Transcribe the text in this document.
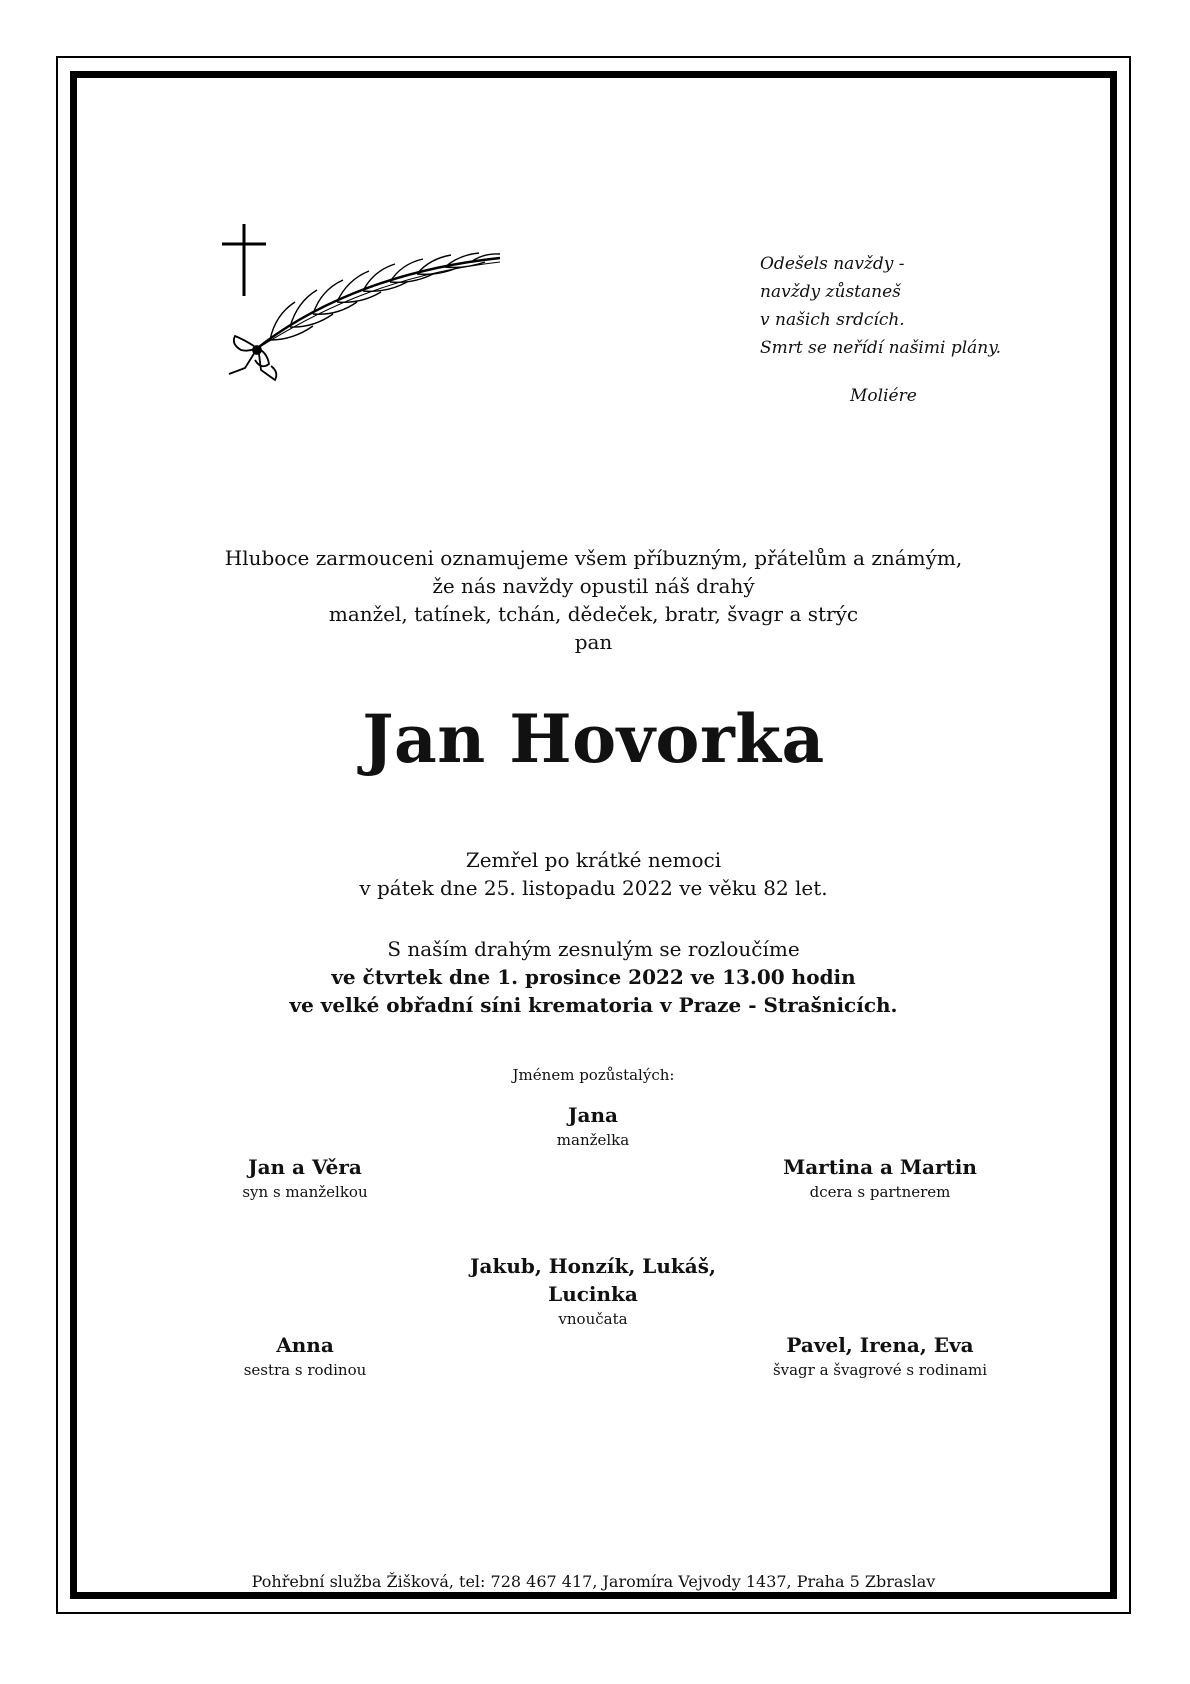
Odešels navždy -
navždy zůstaneš
v našich srdcích.
Smrt se neřídí našimi plány.
Moliére
Hluboce zarmouceni oznamujeme všem příbuzným, přátelům a známým,
že nás navždy opustil náš drahý
manžel, tatínek, tchán, dědeček, bratr, švagr a strýc
pan
Jan Hovorka
Zemřel po krátké nemoci
v pátek dne 25. listopadu 2022 ve věku 82 let.
S naším drahým zesnulým se rozloučíme
ve čtvrtek dne 1. prosince 2022 ve 13.00 hodin
ve velké obřadní síni krematoria v Praze - Strašnicích.
Jménem pozůstalých:
Jana
manželka
Jan a Věra
syn s manželkou
Martina a Martin
dcera s partnerem
Jakub, Honzík, Lukáš,
Lucinka
vnoučata
Anna
sestra s rodinou
Pavel, Irena, Eva
švagr a švagrové s rodinami
Pohřební služba Žišková, tel: 728 467 417, Jaromíra Vejvody 1437, Praha 5 Zbraslav
